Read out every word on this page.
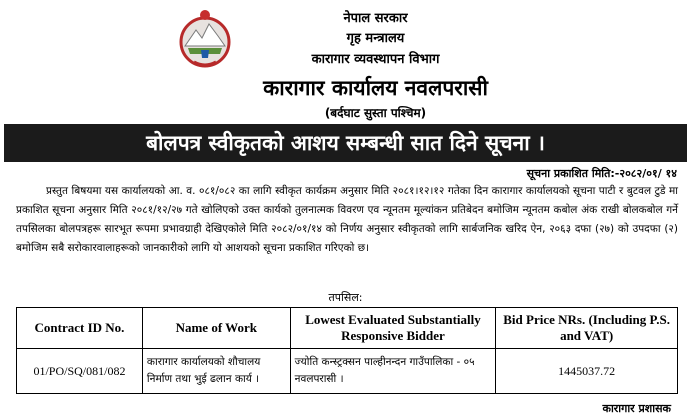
नेपाल सरकार
गृह मन्त्रालय
कारागार व्यवस्थापन विभाग
कारागार कार्यालय नवलपरासी
(बर्दघाट सुस्ता पश्चिम)
बोलपत्र स्वीकृतको आशय सम्बन्धी सात दिने सूचना ।
सूचना प्रकाशित मिति:-२०८२/०१/ १४

प्रस्तुत बिषयमा यस कार्यालयको आ. व. ०८१/०८२ का लागि स्वीकृत कार्यक्रम अनुसार मिति २०८१।१२।१२ गतेका दिन कारागार कार्यालयको सूचना पाटी र बुटवल टुडे मा प्रकाशित सूचना अनुसार मिति २०८१/१२/२७ गते खोलिएको उक्त कार्यको तुलनात्मक विवरण एव न्यूनतम मूल्यांकन प्रतिबेदन बमोजिम न्यूनतम कबोल अंक राखी बोलकबोल गर्ने तपसिलका बोलपत्रहरू सारभूत रूपमा प्रभावग्राही देखिएकोले मिति २०८२/०१/१४ को निर्णय अनुसार स्वीकृतको लागि सार्बजनिक खरिद ऐन, २०६३ दफा (२७) को उपदफा (२) बमोजिम सबै सरोकारवालाहरूको जानकारीको लागि यो आशयको सूचना प्रकाशित गरिएको छ।

तपसिल:
Contract ID No.	Name of Work	Lowest Evaluated Substantially Responsive Bidder	Bid Price NRs. (Including P.S. and VAT)
01/PO/SQ/081/082	कारागार कार्यालयको शौचालय निर्माण तथा भुई ढलान कार्य ।	ज्योति कन्स्ट्रक्सन पाल्हीनन्दन गाउँपालिका - ०५ नवलपरासी ।	1445037.72
कारागार प्रशासक
